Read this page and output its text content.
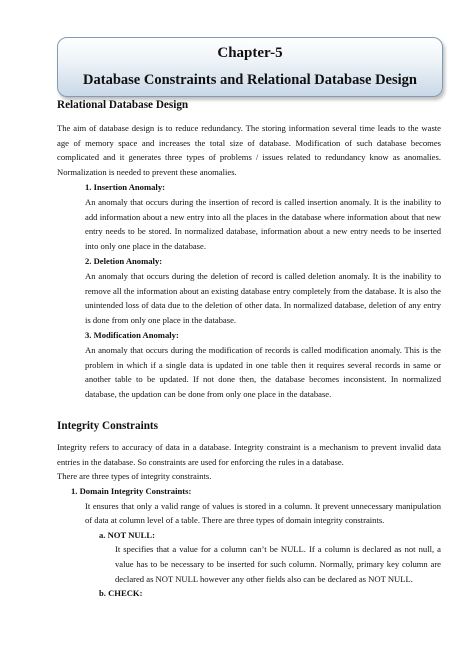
Chapter-5
Database Constraints and Relational Database Design
Relational Database Design

The aim of database design is to reduce redundancy. The storing information several time leads to the waste age of memory space and increases the total size of database. Modification of such database becomes complicated and it generates three types of problems / issues related to redundancy know as anomalies. Normalization is needed to prevent these anomalies.

1. Insertion Anomaly:

An anomaly that occurs during the insertion of record is called insertion anomaly. It is the inability to add information about a new entry into all the places in the database where information about that new entry needs to be stored. In normalized database, information about a new entry needs to be inserted into only one place in the database.

2. Deletion Anomaly:

An anomaly that occurs during the deletion of record is called deletion anomaly. It is the inability to remove all the information about an existing database entry completely from the database. It is also the unintended loss of data due to the deletion of other data. In normalized database, deletion of any entry is done from only one place in the database.

3. Modification Anomaly:

An anomaly that occurs during the modification of records is called modification anomaly. This is the problem in which if a single data is updated in one table then it requires several records in same or another table to be updated. If not done then, the database becomes inconsistent. In normalized database, the updation can be done from only one place in the database.

Integrity Constraints

Integrity refers to accuracy of data in a database. Integrity constraint is a mechanism to prevent invalid data entries in the database. So constraints are used for enforcing the rules in a database.

There are three types of integrity constraints.

1. Domain Integrity Constraints:

It ensures that only a valid range of values is stored in a column. It prevent unnecessary manipulation of data at column level of a table. There are three types of domain integrity constraints.

a. NOT NULL:

It specifies that a value for a column can’t be NULL. If a column is declared as not null, a value has to be necessary to be inserted for such column. Normally, primary key column are declared as NOT NULL however any other fields also can be declared as NOT NULL.

b. CHECK:
